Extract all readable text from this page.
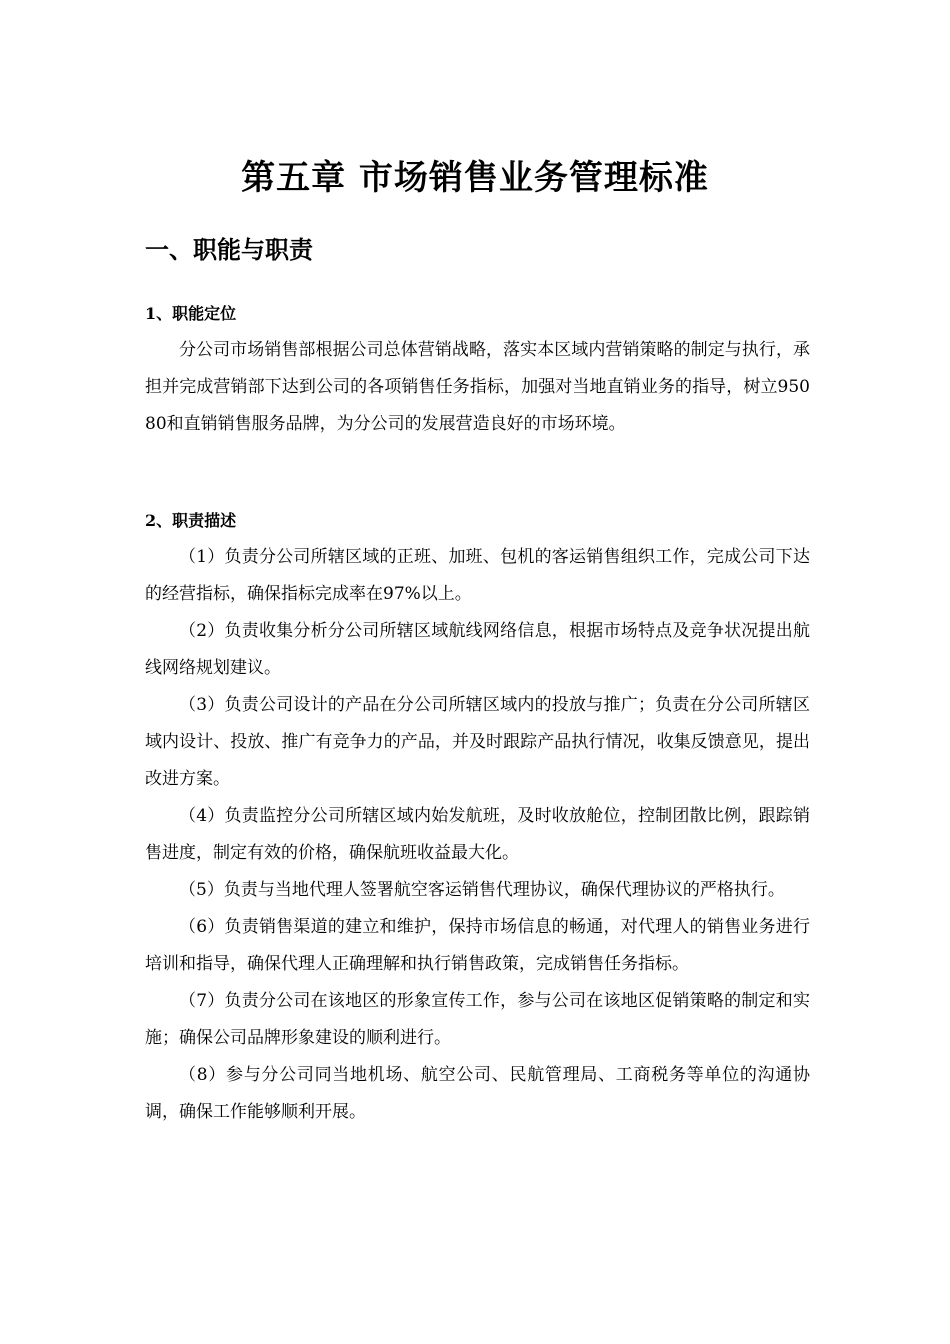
第五章 市场销售业务管理标准
一、职能与职责
1、职能定位

分公司市场销售部根据公司总体营销战略，落实本区域内营销策略的制定与执行，承担并完成营销部下达到公司的各项销售任务指标，加强对当地直销业务的指导，树立95080和直销销售服务品牌，为分公司的发展营造良好的市场环境。

2、职责描述

（1）负责分公司所辖区域的正班、加班、包机的客运销售组织工作，完成公司下达的经营指标，确保指标完成率在97%以上。

（2）负责收集分析分公司所辖区域航线网络信息，根据市场特点及竞争状况提出航线网络规划建议。

（3）负责公司设计的产品在分公司所辖区域内的投放与推广；负责在分公司所辖区域内设计、投放、推广有竞争力的产品，并及时跟踪产品执行情况，收集反馈意见，提出改进方案。

（4）负责监控分公司所辖区域内始发航班，及时收放舱位，控制团散比例，跟踪销售进度，制定有效的价格，确保航班收益最大化。

（5）负责与当地代理人签署航空客运销售代理协议，确保代理协议的严格执行。

（6）负责销售渠道的建立和维护，保持市场信息的畅通，对代理人的销售业务进行培训和指导，确保代理人正确理解和执行销售政策，完成销售任务指标。

（7）负责分公司在该地区的形象宣传工作，参与公司在该地区促销策略的制定和实施；确保公司品牌形象建设的顺利进行。

（8）参与分公司同当地机场、航空公司、民航管理局、工商税务等单位的沟通协调，确保工作能够顺利开展。
